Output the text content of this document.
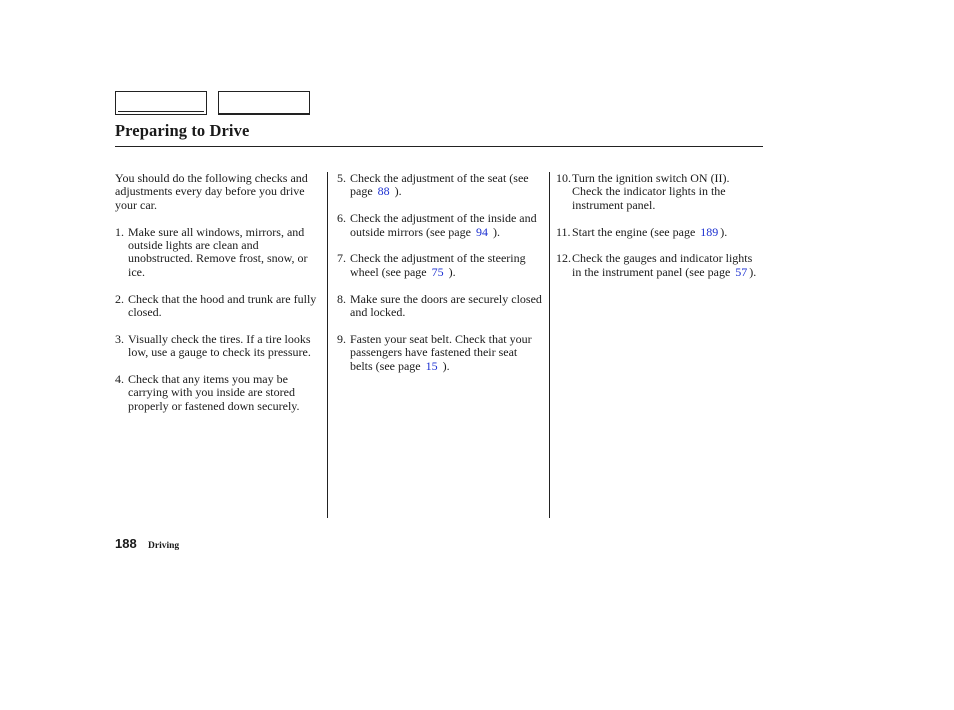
Preparing to Drive

You should do the following checks and adjustments every day before you drive your car.

1. Make sure all windows, mirrors, and outside lights are clean and unobstructed. Remove frost, snow, or ice.
2. Check that the hood and trunk are fully closed.
3. Visually check the tires. If a tire looks low, use a gauge to check its pressure.
4. Check that any items you may be carrying with you inside are stored properly or fastened down securely.
5. Check the adjustment of the seat (see page 88 ).
6. Check the adjustment of the inside and outside mirrors (see page 94 ).
7. Check the adjustment of the steering wheel (see page 75 ).
8. Make sure the doors are securely closed and locked.
9. Fasten your seat belt. Check that your passengers have fastened their seat belts (see page 15 ).
10. Turn the ignition switch ON (II). Check the indicator lights in the instrument panel.
11. Start the engine (see page 189 ).
12. Check the gauges and indicator lights in the instrument panel (see page 57 ).
188 Driving
